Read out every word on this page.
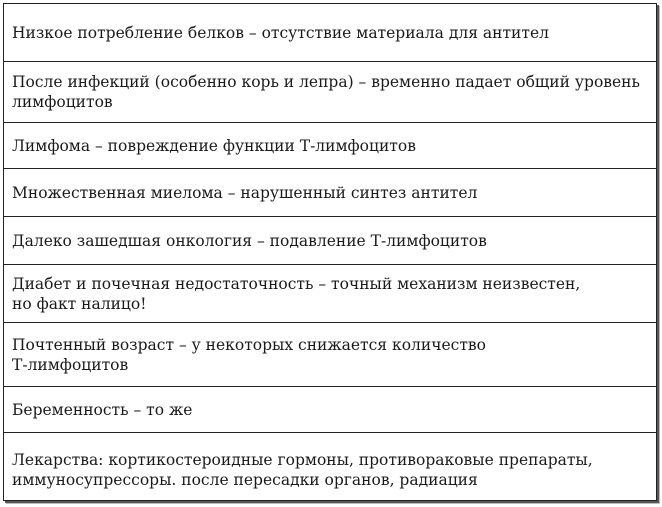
Низкое потребление белков – отсутствие материала для антител
После инфекций (особенно корь и лепра) – временно падает общий уровень
лимфоцитов
Лимфома – повреждение функции Т-лимфоцитов
Множественная миелома – нарушенный синтез антител
Далеко зашедшая онкология – подавление Т-лимфоцитов
Диабет и почечная недостаточность – точный механизм неизвестен,
но факт налицо!
Почтенный возраст – у некоторых снижается количество
Т-лимфоцитов
Беременность – то же
Лекарства: кортикостероидные гормоны, противораковые препараты,
иммуносупрессоры. после пересадки органов, радиация
